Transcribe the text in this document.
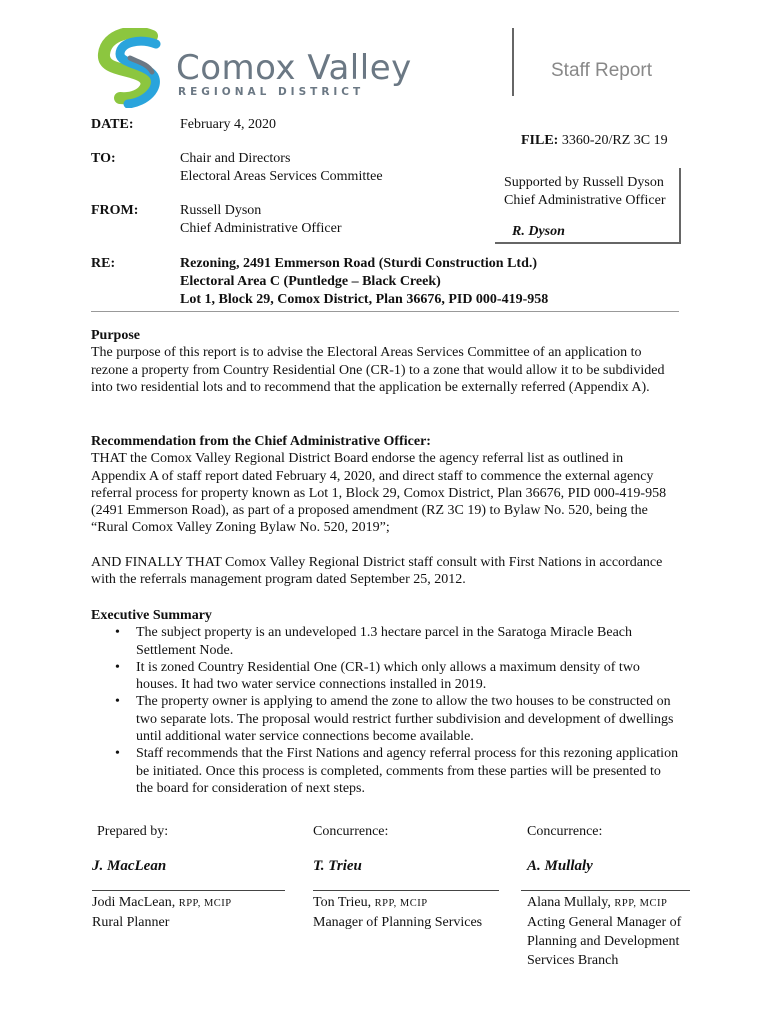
Comox Valley
REGIONAL DISTRICT
Staff Report
DATE:	February 4, 2020
FILE: 3360-20/RZ 3C 19
TO:	Chair and Directors
Electoral Areas Services Committee	Supported by Russell Dyson
Chief Administrative Officer
R. Dyson
FROM:	Russell Dyson
Chief Administrative Officer
RE:	Rezoning, 2491 Emmerson Road (Sturdi Construction Ltd.)
Electoral Area C (Puntledge – Black Creek)
Lot 1, Block 29, Comox District, Plan 36676, PID 000-419-958

Purpose

The purpose of this report is to advise the Electoral Areas Services Committee of an application to rezone a property from Country Residential One (CR-1) to a zone that would allow it to be subdivided into two residential lots and to recommend that the application be externally referred (Appendix A).

Recommendation from the Chief Administrative Officer:

THAT the Comox Valley Regional District Board endorse the agency referral list as outlined in Appendix A of staff report dated February 4, 2020, and direct staff to commence the external agency referral process for property known as Lot 1, Block 29, Comox District, Plan 36676, PID 000-419-958 (2491 Emmerson Road), as part of a proposed amendment (RZ 3C 19) to Bylaw No. 520, being the “Rural Comox Valley Zoning Bylaw No. 520, 2019”;

AND FINALLY THAT Comox Valley Regional District staff consult with First Nations in accordance with the referrals management program dated September 25, 2012.

Executive Summary

• The subject property is an undeveloped 1.3 hectare parcel in the Saratoga Miracle Beach Settlement Node.
• It is zoned Country Residential One (CR-1) which only allows a maximum density of two houses. It had two water service connections installed in 2019.
• The property owner is applying to amend the zone to allow the two houses to be constructed on two separate lots. The proposal would restrict further subdivision and development of dwellings until additional water service connections become available.
• Staff recommends that the First Nations and agency referral process for this rezoning application be initiated. Once this process is completed, comments from these parties will be presented to the board for consideration of next steps.
Prepared by:
J. MacLean
Jodi MacLean, RPP, MCIP
Rural Planner
Concurrence:
T. Trieu
Ton Trieu, RPP, MCIP
Manager of Planning Services
Concurrence:
A. Mullaly
Alana Mullaly, RPP, MCIP
Acting General Manager of Planning and Development Services Branch
